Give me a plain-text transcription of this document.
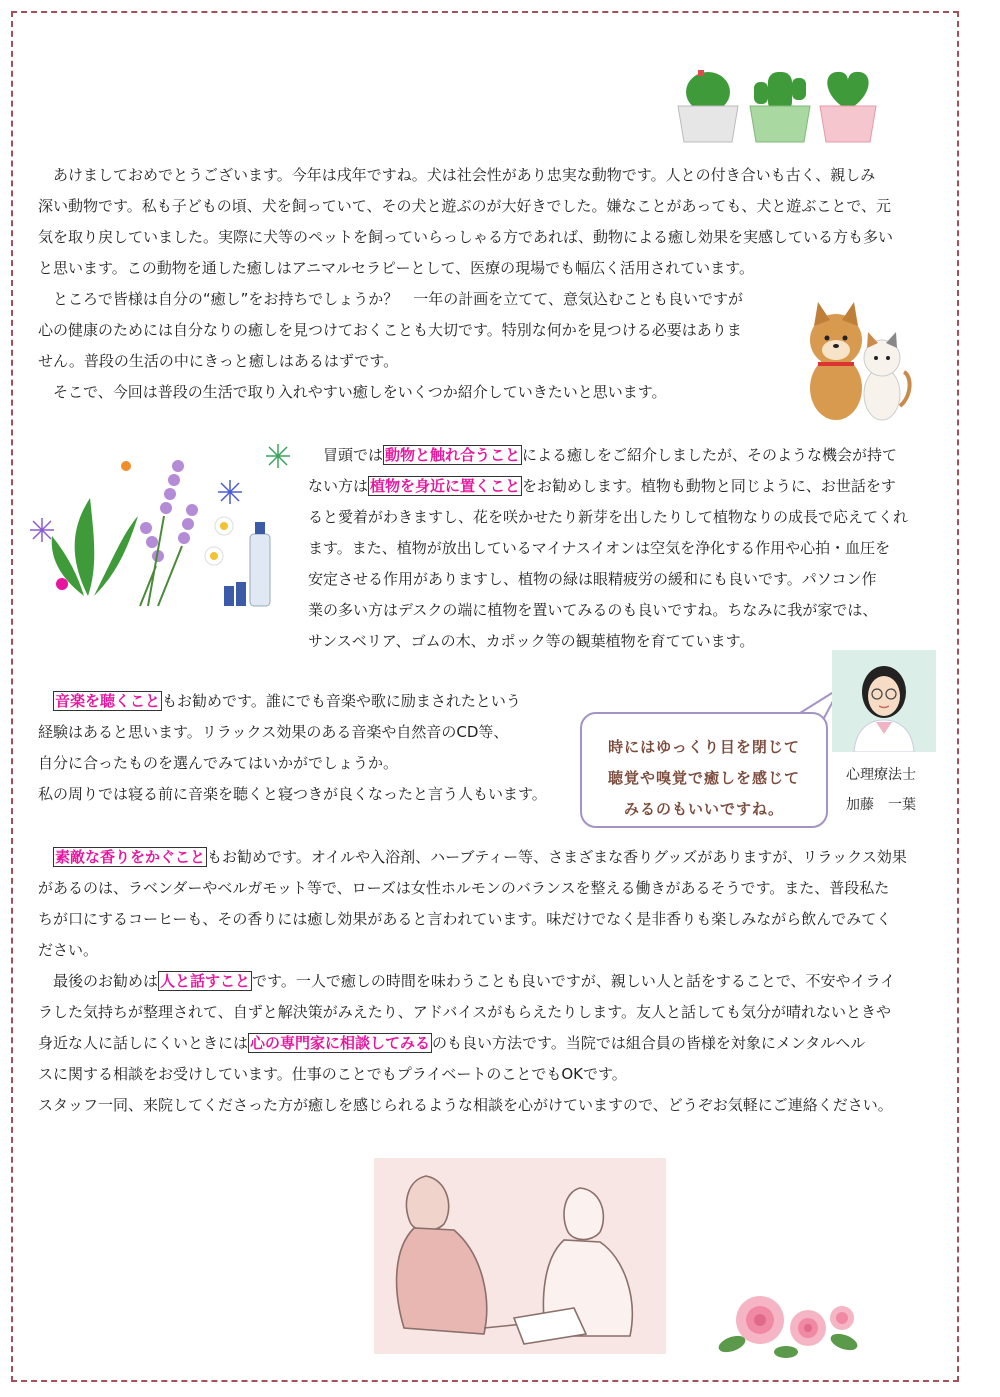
　あけましておめでとうございます。今年は戌年ですね。犬は社会性があり忠実な動物です。人との付き合いも古く、親しみ

深い動物です。私も子どもの頃、犬を飼っていて、その犬と遊ぶのが大好きでした。嫌なことがあっても、犬と遊ぶことで、元

気を取り戻していました。実際に犬等のペットを飼っていらっしゃる方であれば、動物による癒し効果を実感している方も多い

と思います。この動物を通した癒しはアニマルセラピーとして、医療の現場でも幅広く活用されています。

　ところで皆様は自分の“癒し”をお持ちでしょうか？　一年の計画を立てて、意気込むことも良いですが

心の健康のためには自分なりの癒しを見つけておくことも大切です。特別な何かを見つける必要はありま

せん。普段の生活の中にきっと癒しはあるはずです。

　そこで、今回は普段の生活で取り入れやすい癒しをいくつか紹介していきたいと思います。

　冒頭では 動物と触れ合うこと による癒しをご紹介しましたが、そのような機会が持て

ない方は 植物を身近に置くこと をお勧めします。植物も動物と同じように、お世話をす

ると愛着がわきますし、花を咲かせたり新芽を出したりして植物なりの成長で応えてくれ

ます。また、植物が放出しているマイナスイオンは空気を浄化する作用や心拍・血圧を

安定させる作用がありますし、植物の緑は眼精疲労の緩和にも良いです。パソコン作

業の多い方はデスクの端に植物を置いてみるのも良いですね。ちなみに我が家では、

サンスベリア、ゴムの木、カポック等の観葉植物を育てています。

　音楽を聴くこと もお勧めです。誰にでも音楽や歌に励まされたという

経験はあると思います。リラックス効果のある音楽や自然音のCD等、

自分に合ったものを選んでみてはいかがでしょうか。

私の周りでは寝る前に音楽を聴くと寝つきが良くなったと言う人もいます。

時にはゆっくり目を閉じて
聴覚や嗅覚で癒しを感じて
みるのもいいですね。
心理療法士
加藤　一葉

　素敵な香りをかぐこと もお勧めです。オイルや入浴剤、ハーブティー等、さまざまな香りグッズがありますが、リラックス効果

があるのは、ラベンダーやベルガモット等で、ローズは女性ホルモンのバランスを整える働きがあるそうです。また、普段私た

ちが口にするコーヒーも、その香りには癒し効果があると言われています。味だけでなく是非香りも楽しみながら飲んでみてく

ださい。

　最後のお勧めは 人と話すこと です。一人で癒しの時間を味わうことも良いですが、親しい人と話をすることで、不安やイライ

ラした気持ちが整理されて、自ずと解決策がみえたり、アドバイスがもらえたりします。友人と話しても気分が晴れないときや

身近な人に話しにくいときには 心の専門家に相談してみる のも良い方法です。当院では組合員の皆様を対象にメンタルヘル

スに関する相談をお受けしています。仕事のことでもプライベートのことでもOKです。

スタッフ一同、来院してくださった方が癒しを感じられるような相談を心がけていますので、どうぞお気軽にご連絡ください。
